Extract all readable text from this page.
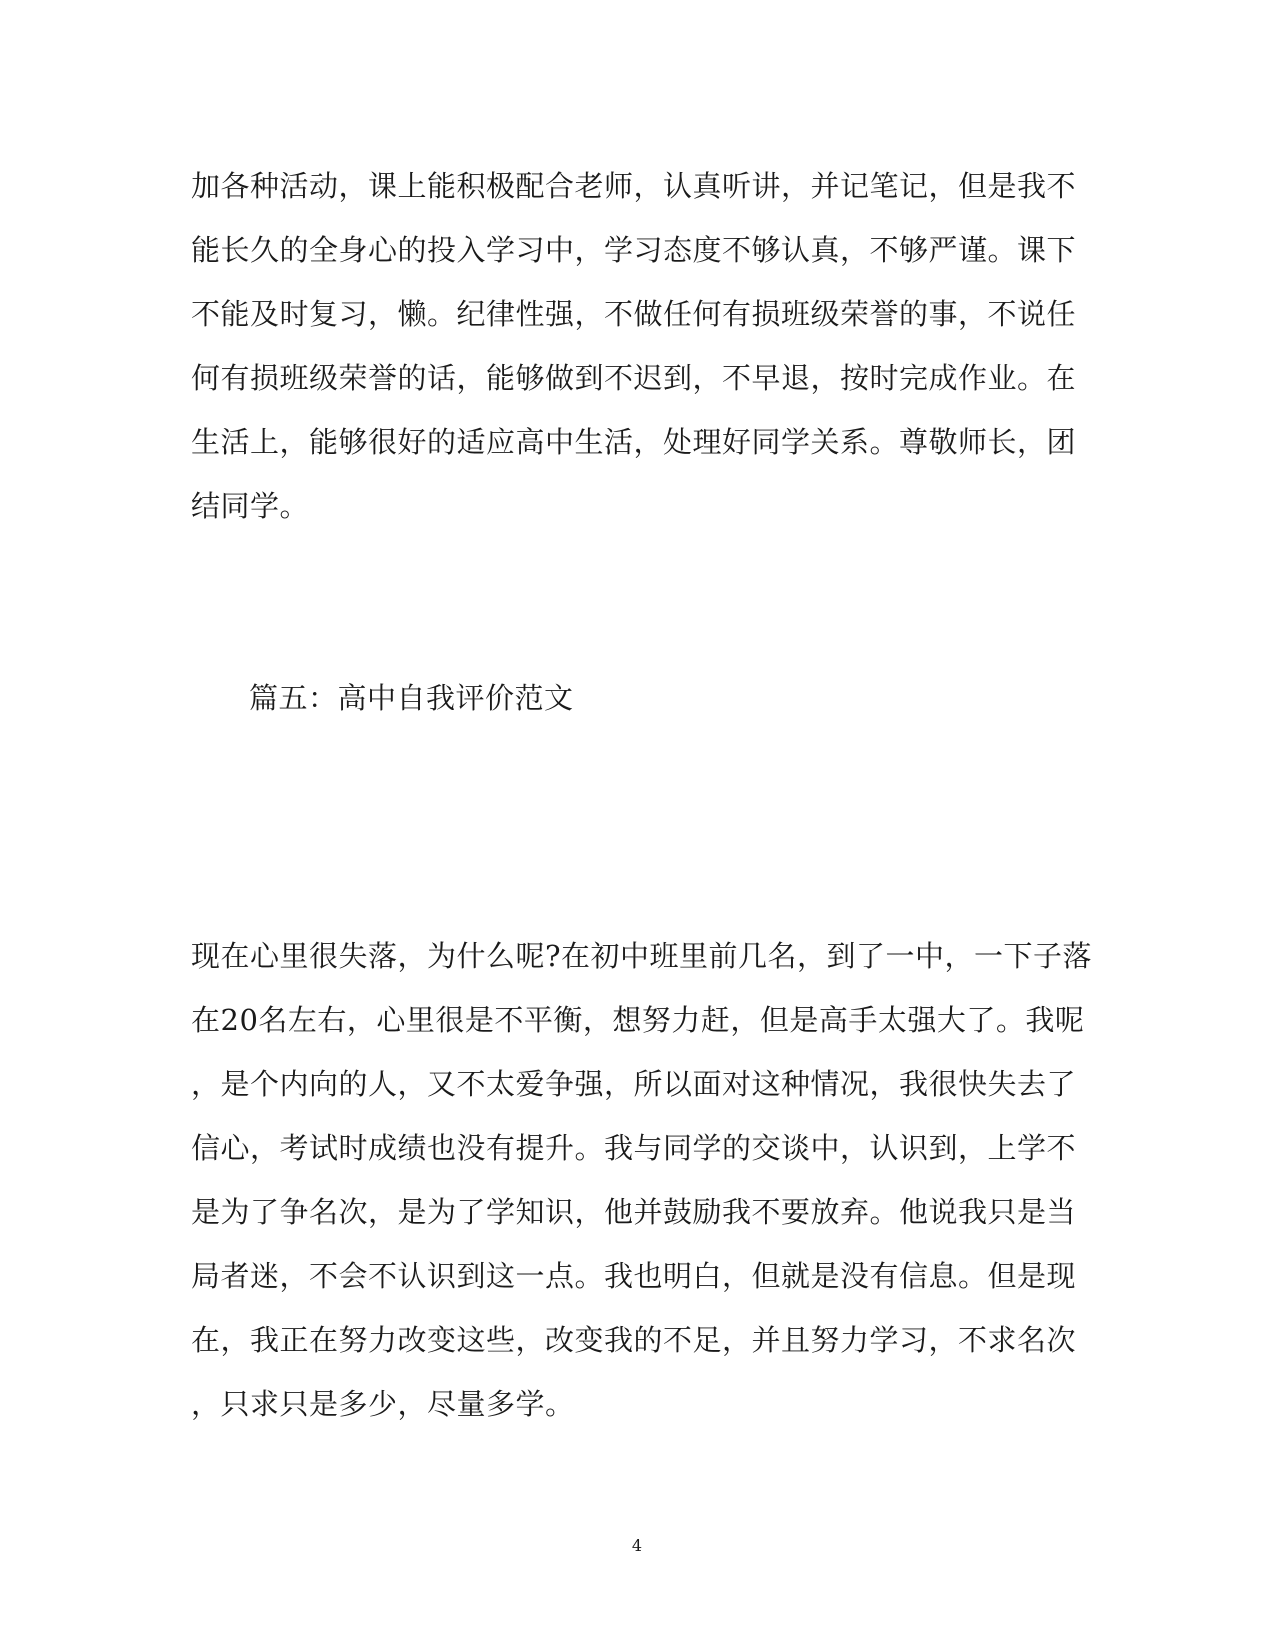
加各种活动，课上能积极配合老师，认真听讲，并记笔记，但是我不
能长久的全身心的投入学习中，学习态度不够认真，不够严谨。课下
不能及时复习，懒。纪律性强，不做任何有损班级荣誉的事，不说任
何有损班级荣誉的话，能够做到不迟到，不早退，按时完成作业。在
生活上，能够很好的适应高中生活，处理好同学关系。尊敬师长，团
结同学。
篇五：高中自我评价范文
现在心里很失落，为什么呢?在初中班里前几名，到了一中，一下子落
在20名左右，心里很是不平衡，想努力赶，但是高手太强大了。我呢
，是个内向的人，又不太爱争强，所以面对这种情况，我很快失去了
信心，考试时成绩也没有提升。我与同学的交谈中，认识到，上学不
是为了争名次，是为了学知识，他并鼓励我不要放弃。他说我只是当
局者迷，不会不认识到这一点。我也明白，但就是没有信息。但是现
在，我正在努力改变这些，改变我的不足，并且努力学习，不求名次
，只求只是多少，尽量多学。
4
